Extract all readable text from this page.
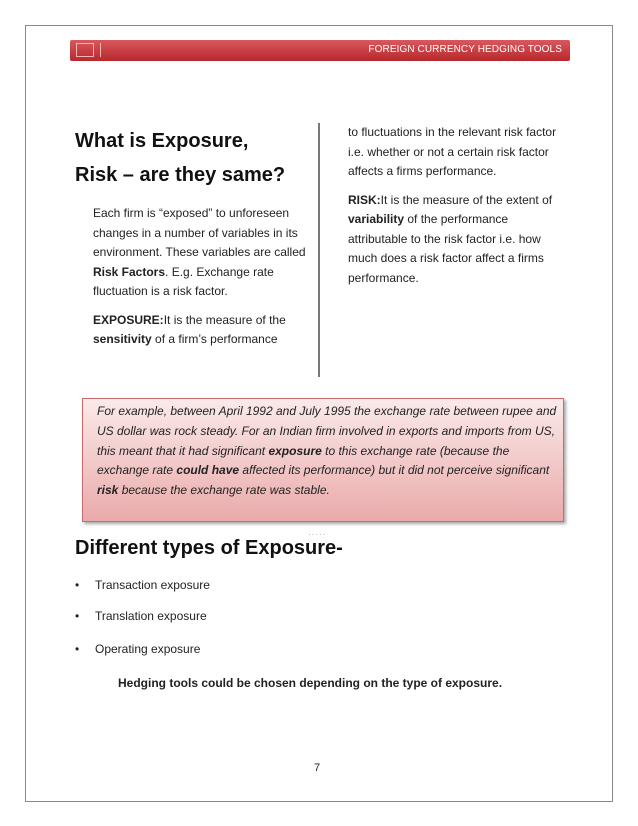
FOREIGN CURRENCY HEDGING TOOLS
What is Exposure,
Risk – are they same?

Each firm is “exposed” to unforeseen changes in a number of variables in its environment. These variables are called Risk Factors. E.g. Exchange rate fluctuation is a risk factor.

EXPOSURE:It is the measure of the sensitivity of a firm’s performance

to fluctuations in the relevant risk factor i.e. whether or not a certain risk factor affects a firms performance.

RISK:It is the measure of the extent of variability of the performance attributable to the risk factor i.e. how much does a risk factor affect a firms performance.

For example, between April 1992 and July 1995 the exchange rate between rupee and US dollar was rock steady. For an Indian firm involved in exports and imports from US, this meant that it had significant exposure to this exchange rate (because the exchange rate could have affected its performance) but it did not perceive significant risk because the exchange rate was stable.
·····
Different types of Exposure-
• Transaction exposure
• Translation exposure
• Operating exposure
Hedging tools could be chosen depending on the type of exposure.
7
